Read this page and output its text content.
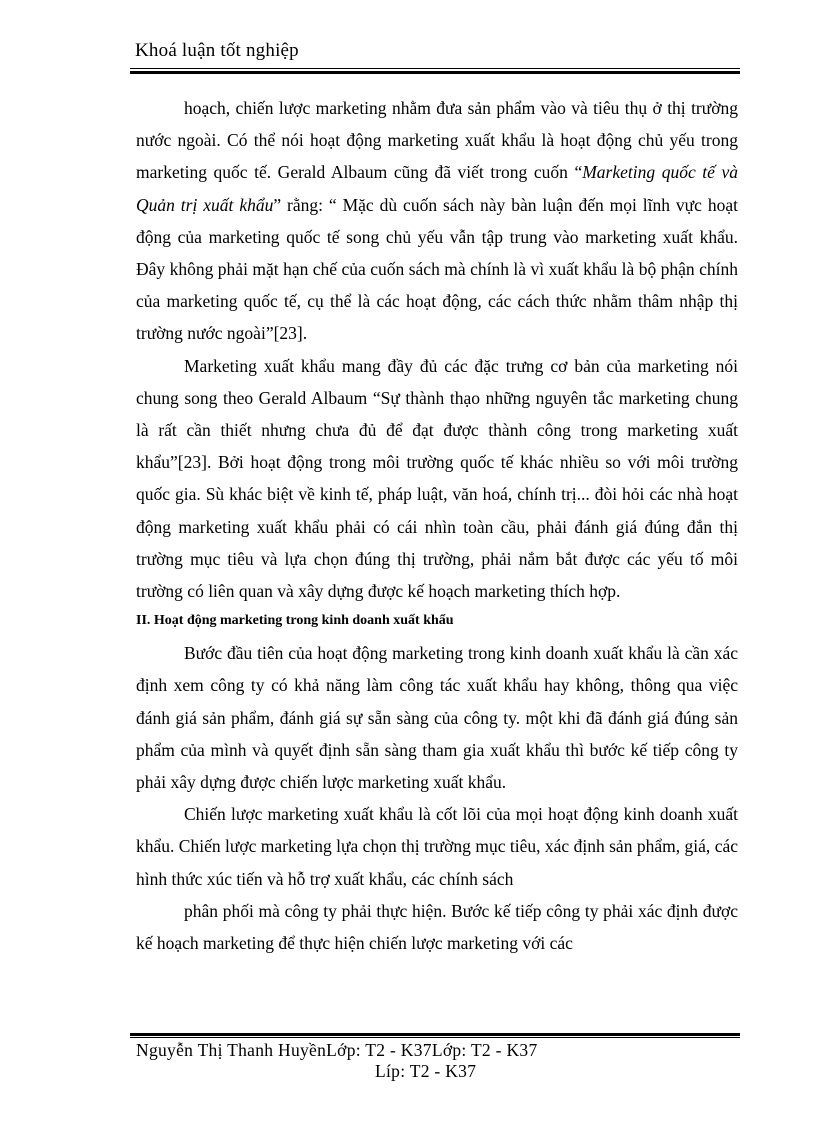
Khoá luận tốt nghiệp

hoạch, chiến lược marketing nhằm đưa sản phẩm vào và tiêu thụ ở thị trường nước ngoài. Có thể nói hoạt động marketing xuất khẩu là hoạt động chủ yếu trong marketing quốc tế. Gerald Albaum cũng đã viết trong cuốn “Marketing quốc tế và Quản trị xuất khẩu” rằng: “ Mặc dù cuốn sách này bàn luận đến mọi lĩnh vực hoạt động của marketing quốc tế song chủ yếu vẫn tập trung vào marketing xuất khẩu. Đây không phải mặt hạn chế của cuốn sách mà chính là vì xuất khẩu là bộ phận chính của marketing quốc tế, cụ thể là các hoạt động, các cách thức nhằm thâm nhập thị trường nước ngoài”[23].

Marketing xuất khẩu mang đầy đủ các đặc trưng cơ bản của marketing nói chung song theo Gerald Albaum “Sự thành thạo những nguyên tắc marketing chung là rất cần thiết nhưng chưa đủ để đạt được thành công trong marketing xuất khẩu”[23]. Bởi hoạt động trong môi trường quốc tế khác nhiều so với môi trường quốc gia. Sù khác biệt về kinh tế, pháp luật, văn hoá, chính trị... đòi hỏi các nhà hoạt động marketing xuất khẩu phải có cái nhìn toàn cầu, phải đánh giá đúng đắn thị trường mục tiêu và lựa chọn đúng thị trường, phải nắm bắt được các yếu tố môi trường có liên quan và xây dựng được kế hoạch marketing thích hợp.

II. Hoạt động marketing trong kinh doanh xuất khẩu

Bước đầu tiên của hoạt động marketing trong kinh doanh xuất khẩu là cần xác định xem công ty có khả năng làm công tác xuất khẩu hay không, thông qua việc đánh giá sản phẩm, đánh giá sự sẵn sàng của công ty. một khi đã đánh giá đúng sản phẩm của mình và quyết định sẵn sàng tham gia xuất khẩu thì bước kế tiếp công ty phải xây dựng được chiến lược marketing xuất khẩu.

Chiến lược marketing xuất khẩu là cốt lõi của mọi hoạt động kinh doanh xuất khẩu. Chiến lược marketing lựa chọn thị trường mục tiêu, xác định sản phẩm, giá, các hình thức xúc tiến và hỗ trợ xuất khẩu, các chính sách

phân phối mà công ty phải thực hiện. Bước kế tiếp công ty phải xác định được kế hoạch marketing để thực hiện chiến lược marketing với các

Nguyễn Thị Thanh HuyềnLớp: T2 - K37Lớp: T2 - K37
Líp: T2 - K37
